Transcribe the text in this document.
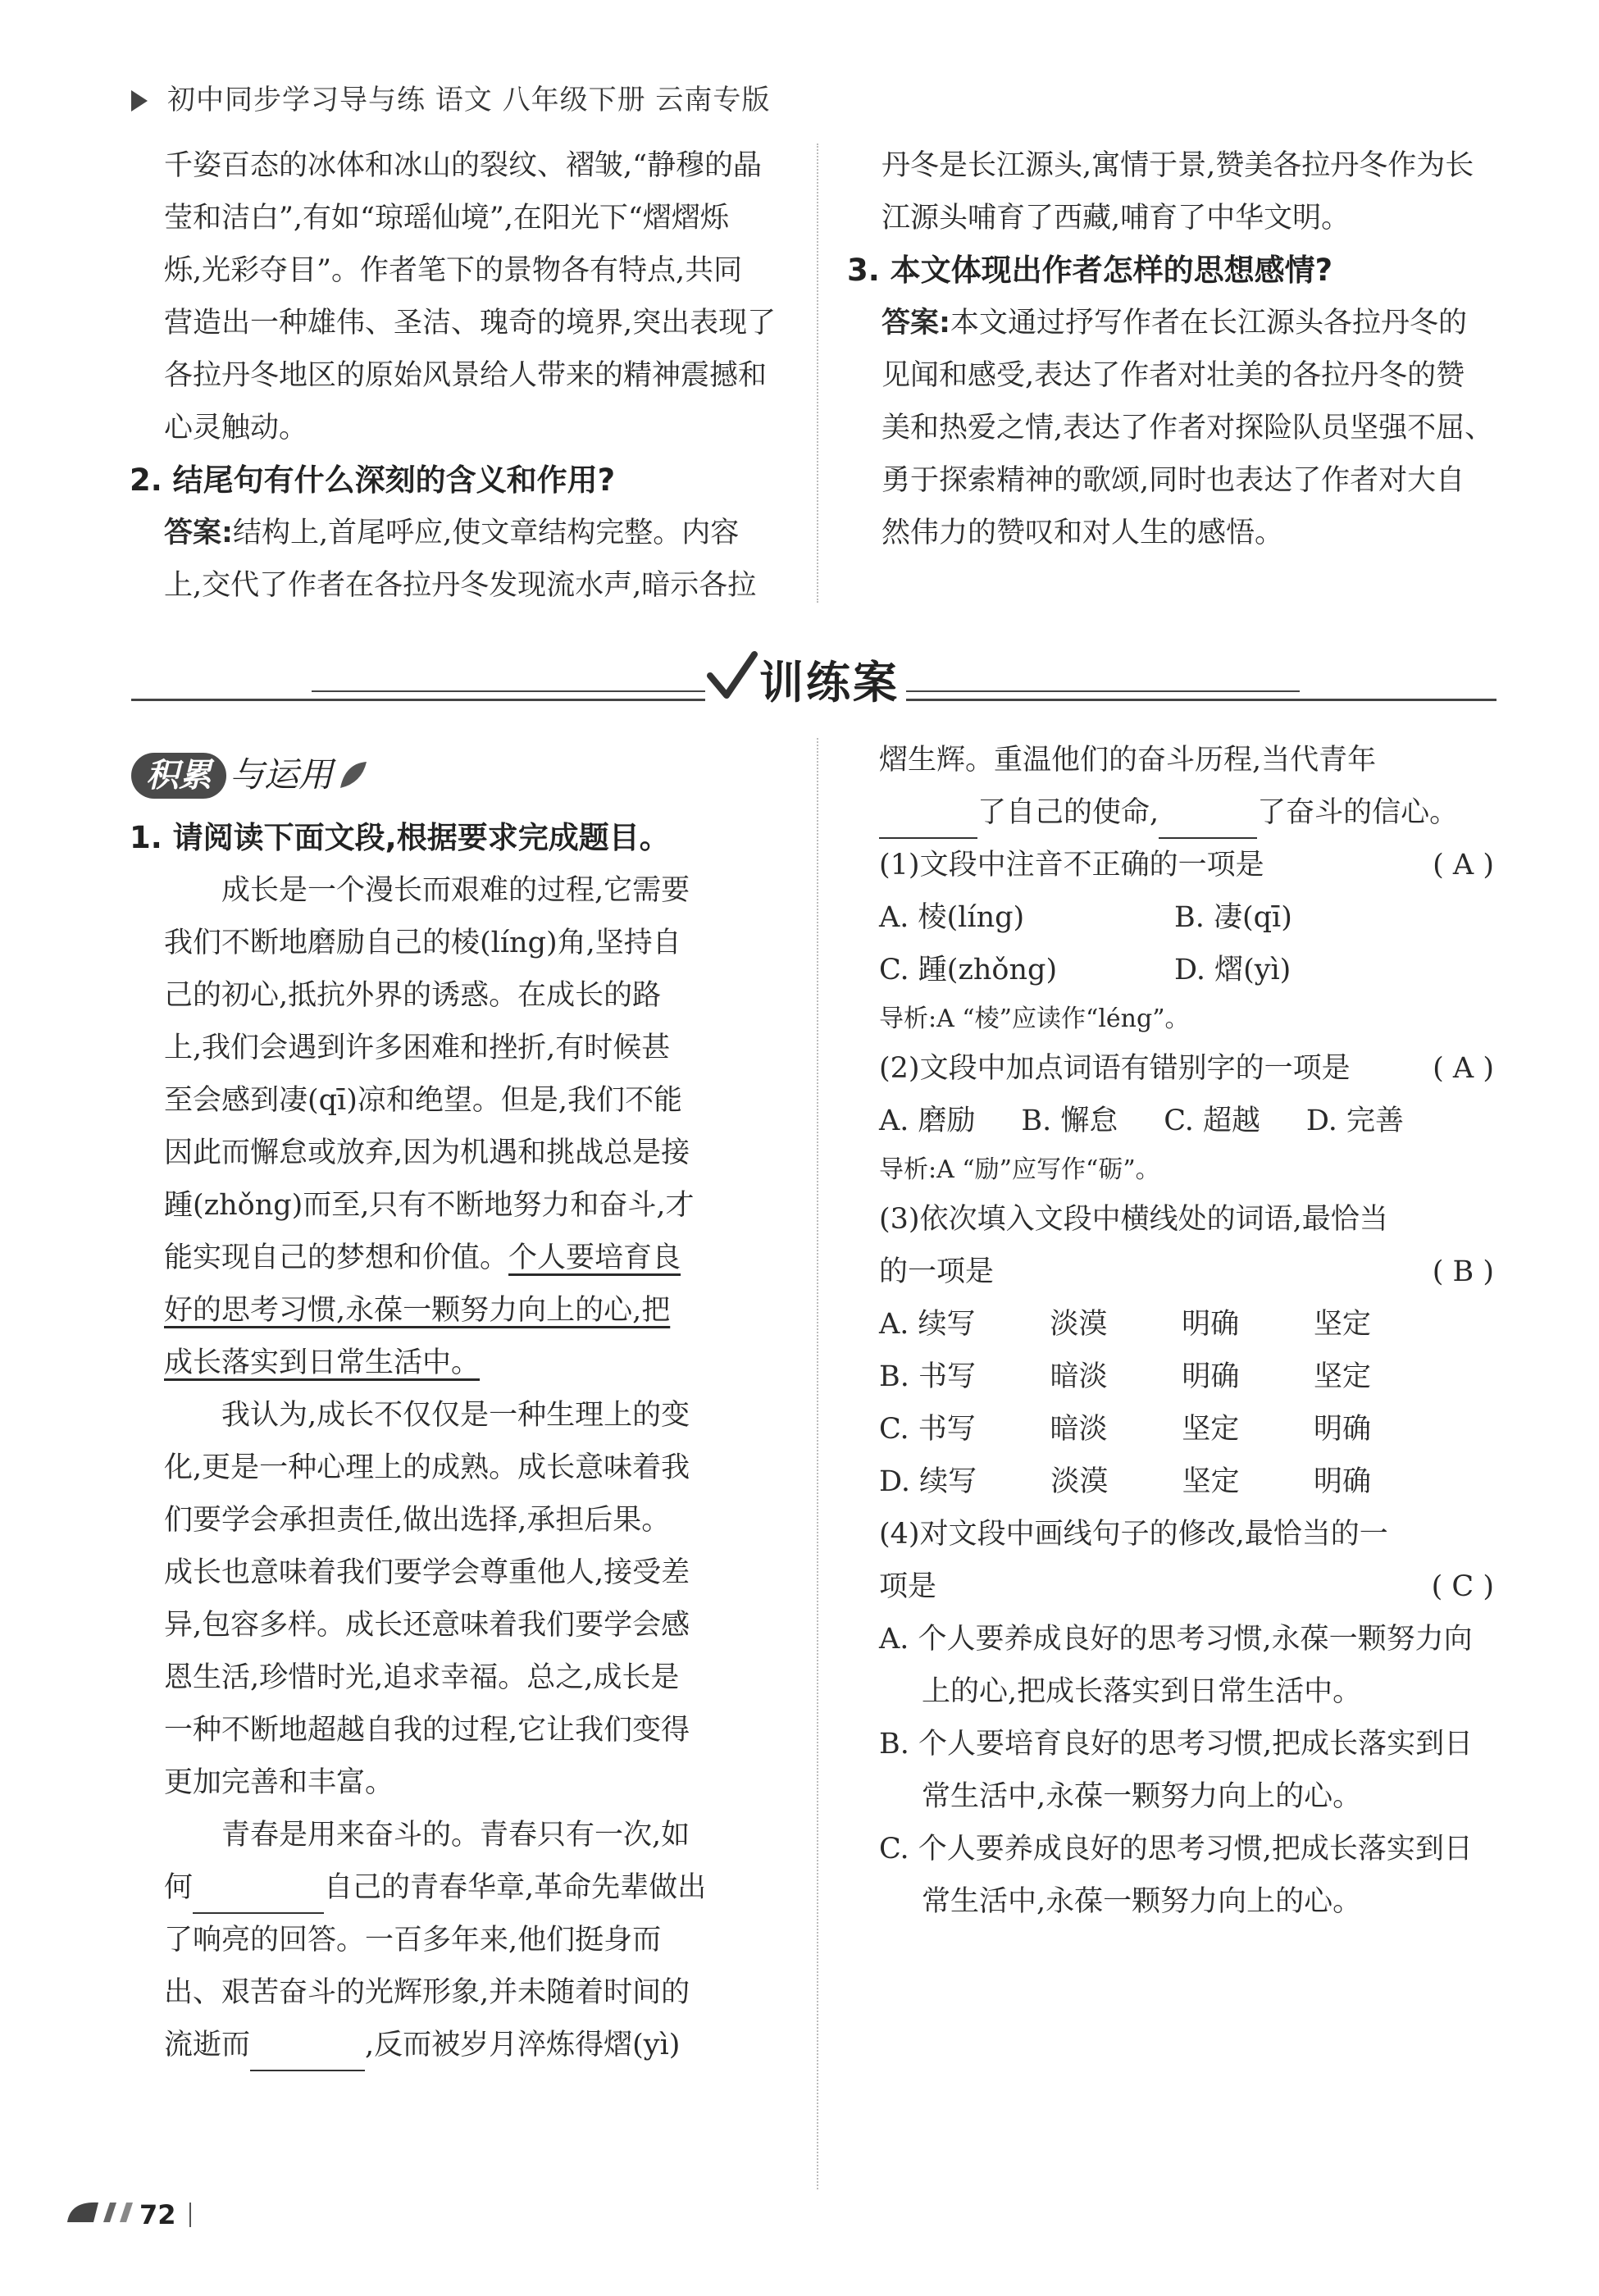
初中同步学习导与练 语文 八年级下册 云南专版

千姿百态的冰体和冰山的裂纹、褶皱,“静穆的晶

莹和洁白”,有如“琼瑶仙境”,在阳光下“熠熠烁

烁,光彩夺目”。作者笔下的景物各有特点,共同

营造出一种雄伟、圣洁、瑰奇的境界,突出表现了

各拉丹冬地区的原始风景给人带来的精神震撼和

心灵触动。

2. 结尾句有什么深刻的含义和作用?

答案:结构上,首尾呼应,使文章结构完整。内容

上,交代了作者在各拉丹冬发现流水声,暗示各拉

丹冬是长江源头,寓情于景,赞美各拉丹冬作为长

江源头哺育了西藏,哺育了中华文明。

3. 本文体现出作者怎样的思想感情?

答案:本文通过抒写作者在长江源头各拉丹冬的

见闻和感受,表达了作者对壮美的各拉丹冬的赞

美和热爱之情,表达了作者对探险队员坚强不屈、

勇于探索精神的歌颂,同时也表达了作者对大自

然伟力的赞叹和对人生的感悟。

训练案
积累 与运用

1. 请阅读下面文段,根据要求完成题目。

成长是一个漫长而艰难的过程,它需要

我们不断地磨励自己的棱(líng)角,坚持自

己的初心,抵抗外界的诱惑。在成长的路

上,我们会遇到许多困难和挫折,有时候甚

至会感到凄(qī)凉和绝望。但是,我们不能

因此而懈怠或放弃,因为机遇和挑战总是接

踵(zhǒng)而至,只有不断地努力和奋斗,才

能实现自己的梦想和价值。个人要培育良

好的思考习惯,永葆一颗努力向上的心,把

成长落实到日常生活中。

我认为,成长不仅仅是一种生理上的变

化,更是一种心理上的成熟。成长意味着我

们要学会承担责任,做出选择,承担后果。

成长也意味着我们要学会尊重他人,接受差

异,包容多样。成长还意味着我们要学会感

恩生活,珍惜时光,追求幸福。总之,成长是

一种不断地超越自我的过程,它让我们变得

更加完善和丰富。

青春是用来奋斗的。青春只有一次,如

何	自己的青春华章,革命先辈做出

了响亮的回答。一百多年来,他们挺身而

出、艰苦奋斗的光辉形象,并未随着时间的

流逝而	,反而被岁月淬炼得熠(yì)

熠生辉。重温他们的奋斗历程,当代青年

了自己的使命,	了奋斗的信心。

(1)文段中注音不正确的一项是	( A )

A. 棱(líng)	B. 凄(qī)

C. 踵(zhǒng)	D. 熠(yì)

导析:A “棱”应读作“léng”。

(2)文段中加点词语有错别字的一项是	( A )

A. 磨励 B. 懈怠 C. 超越 D. 完善

导析:A “励”应写作“砺”。

(3)依次填入文段中横线处的词语,最恰当

的一项是	( B )

A. 续写	淡漠	明确	坚定

B. 书写	暗淡	明确	坚定

C. 书写	暗淡	坚定	明确

D. 续写	淡漠	坚定	明确

(4)对文段中画线句子的修改,最恰当的一

项是	( C )

A. 个人要养成良好的思考习惯,永葆一颗努力向上的心,把成长落实到日常生活中。

B. 个人要培育良好的思考习惯,把成长落实到日常生活中,永葆一颗努力向上的心。

C. 个人要养成良好的思考习惯,把成长落实到日常生活中,永葆一颗努力向上的心。

72
